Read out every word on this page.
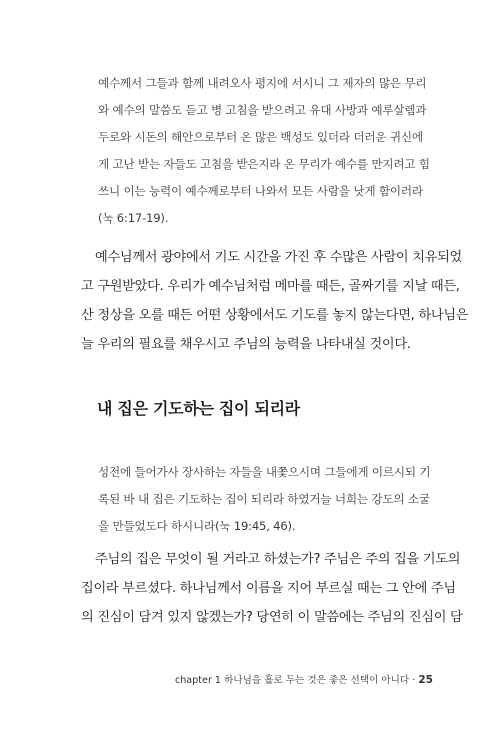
예수께서 그들과 함께 내려오사 평지에 서시니 그 제자의 많은 무리
와 예수의 말씀도 듣고 병 고침을 받으려고 유대 사방과 예루살렘과
두로와 시돈의 해안으로부터 온 많은 백성도 있더라 더러운 귀신에
게 고난 받는 자들도 고침을 받은지라 온 무리가 예수를 만지려고 힘
쓰니 이는 능력이 예수께로부터 나와서 모든 사람을 낫게 함이러라
(눅 6:17-19).
예수님께서 광야에서 기도 시간을 가진 후 수많은 사람이 치유되었
고 구원받았다. 우리가 예수님처럼 메마를 때든, 골짜기를 지날 때든,
산 정상을 오를 때든 어떤 상황에서도 기도를 놓지 않는다면, 하나님은
늘 우리의 필요를 채우시고 주님의 능력을 나타내실 것이다.
내 집은 기도하는 집이 되리라
성전에 들어가사 장사하는 자들을 내쫓으시며 그들에게 이르시되 기
록된 바 내 집은 기도하는 집이 되리라 하였거늘 너희는 강도의 소굴
을 만들었도다 하시니라(눅 19:45, 46).
주님의 집은 무엇이 될 거라고 하셨는가? 주님은 주의 집을 기도의
집이라 부르셨다. 하나님께서 이름을 지어 부르실 때는 그 안에 주님
의 진심이 담겨 있지 않겠는가? 당연히 이 말씀에는 주님의 진심이 담
chapter 1 하나님을 홀로 두는 것은 좋은 선택이 아니다 · 25
